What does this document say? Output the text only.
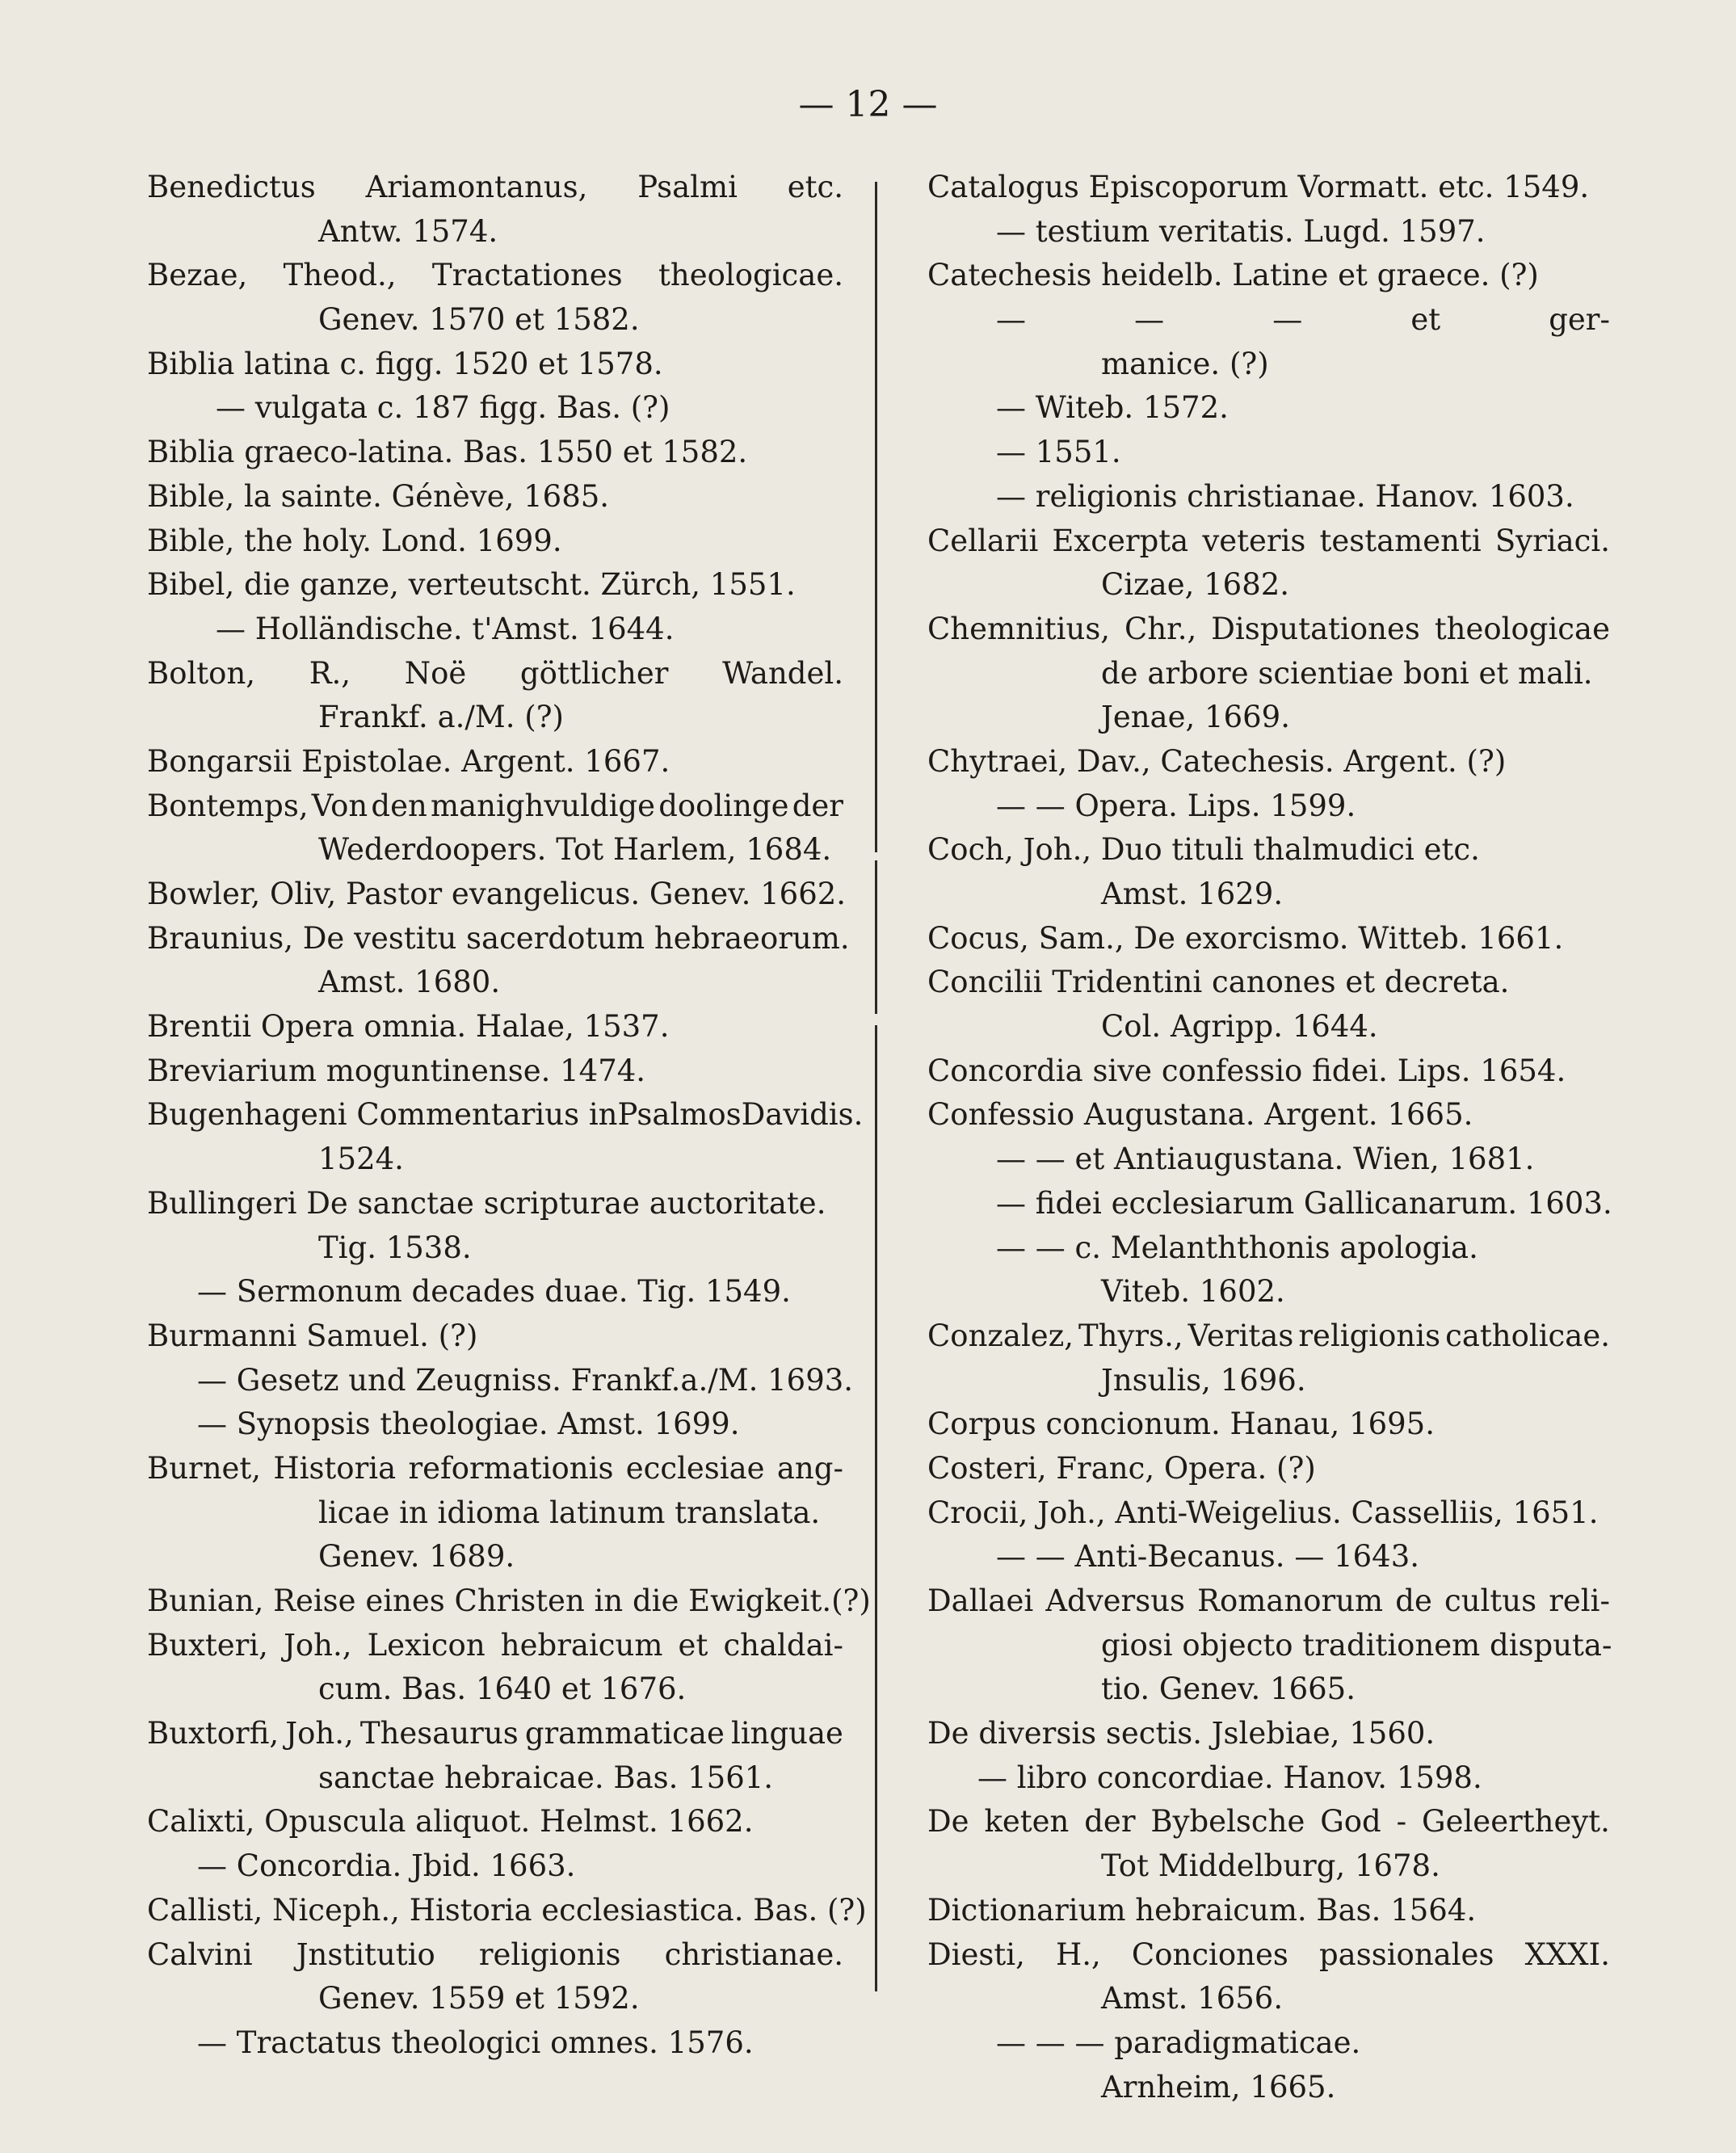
— 12 —
Benedictus Ariamontanus, Psalmi etc.
Antw. 1574.
Bezae, Theod., Tractationes theologicae.
Genev. 1570 et 1582.
Biblia latina c. figg. 1520 et 1578.
— vulgata c. 187 figg. Bas. (?)
Biblia graeco-latina. Bas. 1550 et 1582.
Bible, la sainte. Génève, 1685.
Bible, the holy. Lond. 1699.
Bibel, die ganze, verteutscht. Zürch, 1551.
— Holländische. t'Amst. 1644.
Bolton, R., Noë göttlicher Wandel.
Frankf. a./M. (?)
Bongarsii Epistolae. Argent. 1667.
Bontemps, Von den manighvuldige doolinge der
Wederdoopers. Tot Harlem, 1684.
Bowler, Oliv, Pastor evangelicus. Genev. 1662.
Braunius, De vestitu sacerdotum hebraeorum.
Amst. 1680.
Brentii Opera omnia. Halae, 1537.
Breviarium moguntinense. 1474.
Bugenhageni Commentarius inPsalmosDavidis.
1524.
Bullingeri De sanctae scripturae auctoritate.
Tig. 1538.
— Sermonum decades duae. Tig. 1549.
Burmanni Samuel. (?)
— Gesetz und Zeugniss. Frankf.a./M. 1693.
— Synopsis theologiae. Amst. 1699.
Burnet, Historia reformationis ecclesiae ang-
licae in idioma latinum translata.
Genev. 1689.
Bunian, Reise eines Christen in die Ewigkeit.(?)
Buxteri, Joh., Lexicon hebraicum et chaldai-
cum. Bas. 1640 et 1676.
Buxtorfi, Joh., Thesaurus grammaticae linguae
sanctae hebraicae. Bas. 1561.
Calixti, Opuscula aliquot. Helmst. 1662.
— Concordia. Jbid. 1663.
Callisti, Niceph., Historia ecclesiastica. Bas. (?)
Calvini Jnstitutio religionis christianae.
Genev. 1559 et 1592.
— Tractatus theologici omnes. 1576.
Catalogus Episcoporum Vormatt. etc. 1549.
— testium veritatis. Lugd. 1597.
Catechesis heidelb. Latine et graece. (?)
—	—	—	et	ger-
manice. (?)
— Witeb. 1572.
— 1551.
— religionis christianae. Hanov. 1603.
Cellarii Excerpta veteris testamenti Syriaci.
Cizae, 1682.
Chemnitius, Chr., Disputationes theologicae
de arbore scientiae boni et mali.
Jenae, 1669.
Chytraei, Dav., Catechesis. Argent. (?)
— — Opera. Lips. 1599.
Coch, Joh., Duo tituli thalmudici etc.
Amst. 1629.
Cocus, Sam., De exorcismo. Witteb. 1661.
Concilii Tridentini canones et decreta.
Col. Agripp. 1644.
Concordia sive confessio fidei. Lips. 1654.
Confessio Augustana. Argent. 1665.
— — et Antiaugustana. Wien, 1681.
— fidei ecclesiarum Gallicanarum. 1603.
— — c. Melanththonis apologia.
Viteb. 1602.
Conzalez, Thyrs., Veritas religionis catholicae.
Jnsulis, 1696.
Corpus concionum. Hanau, 1695.
Costeri, Franc, Opera. (?)
Crocii, Joh., Anti-Weigelius. Casselliis, 1651.
— — Anti-Becanus. — 1643.
Dallaei Adversus Romanorum de cultus reli-
giosi objecto traditionem disputa-
tio. Genev. 1665.
De diversis sectis. Jslebiae, 1560.
— libro concordiae. Hanov. 1598.
De keten der Bybelsche God - Geleertheyt.
Tot Middelburg, 1678.
Dictionarium hebraicum. Bas. 1564.
Diesti, H., Conciones passionales XXXI.
Amst. 1656.
— — — paradigmaticae.
Arnheim, 1665.
